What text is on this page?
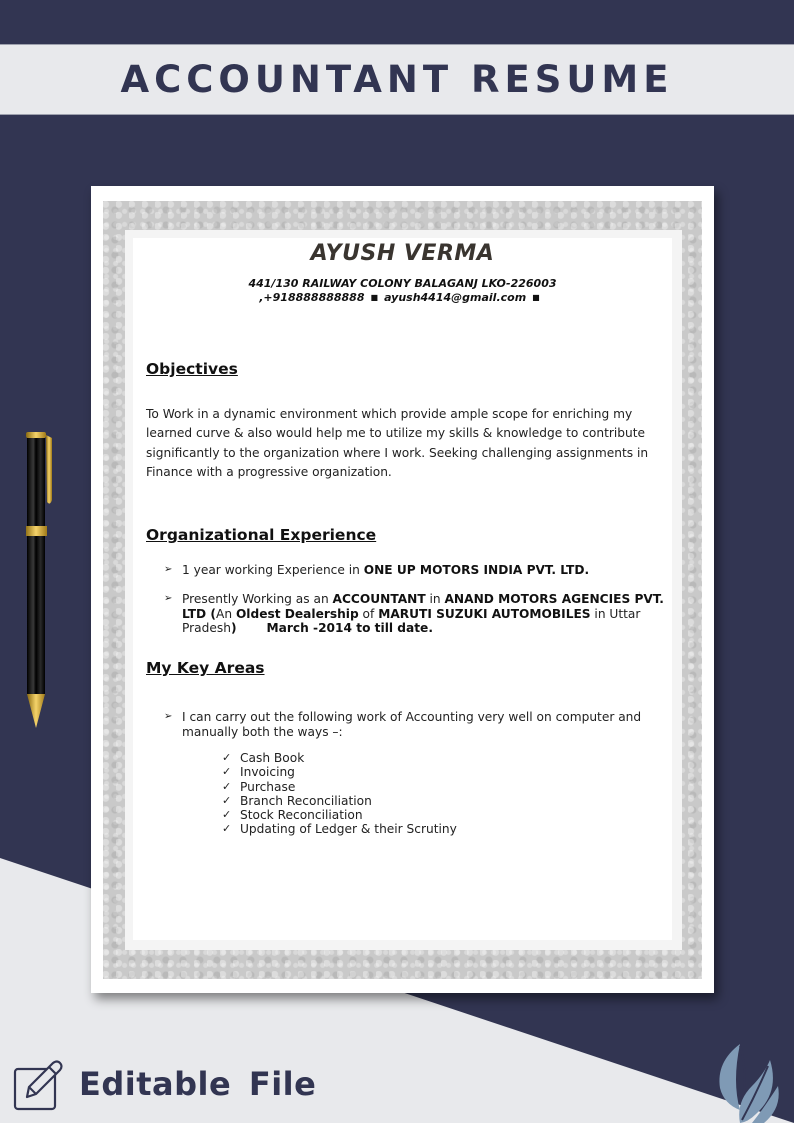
ACCOUNTANT RESUME
AYUSH VERMA
441/130 RAILWAY COLONY BALAGANJ LKO-226003
,+918888888888 ■ ayush4414@gmail.com ■
Objectives
To Work in a dynamic environment which provide ample scope for enriching my learned curve & also would help me to utilize my skills & knowledge to contribute significantly to the organization where I work. Seeking challenging assignments in Finance with a progressive organization.
Organizational Experience
➢ 1 year working Experience in ONE UP MOTORS INDIA PVT. LTD.
➢ Presently Working as an ACCOUNTANT in ANAND MOTORS AGENCIES PVT. LTD (An Oldest Dealership of MARUTI SUZUKI AUTOMOBILES in Uttar Pradesh) March -2014 to till date.
My Key Areas
➢ I can carry out the following work of Accounting very well on computer and manually both the ways –:
✓ Cash Book
✓ Invoicing
✓ Purchase
✓ Branch Reconciliation
✓ Stock Reconciliation
✓ Updating of Ledger & their Scrutiny
Editable File
